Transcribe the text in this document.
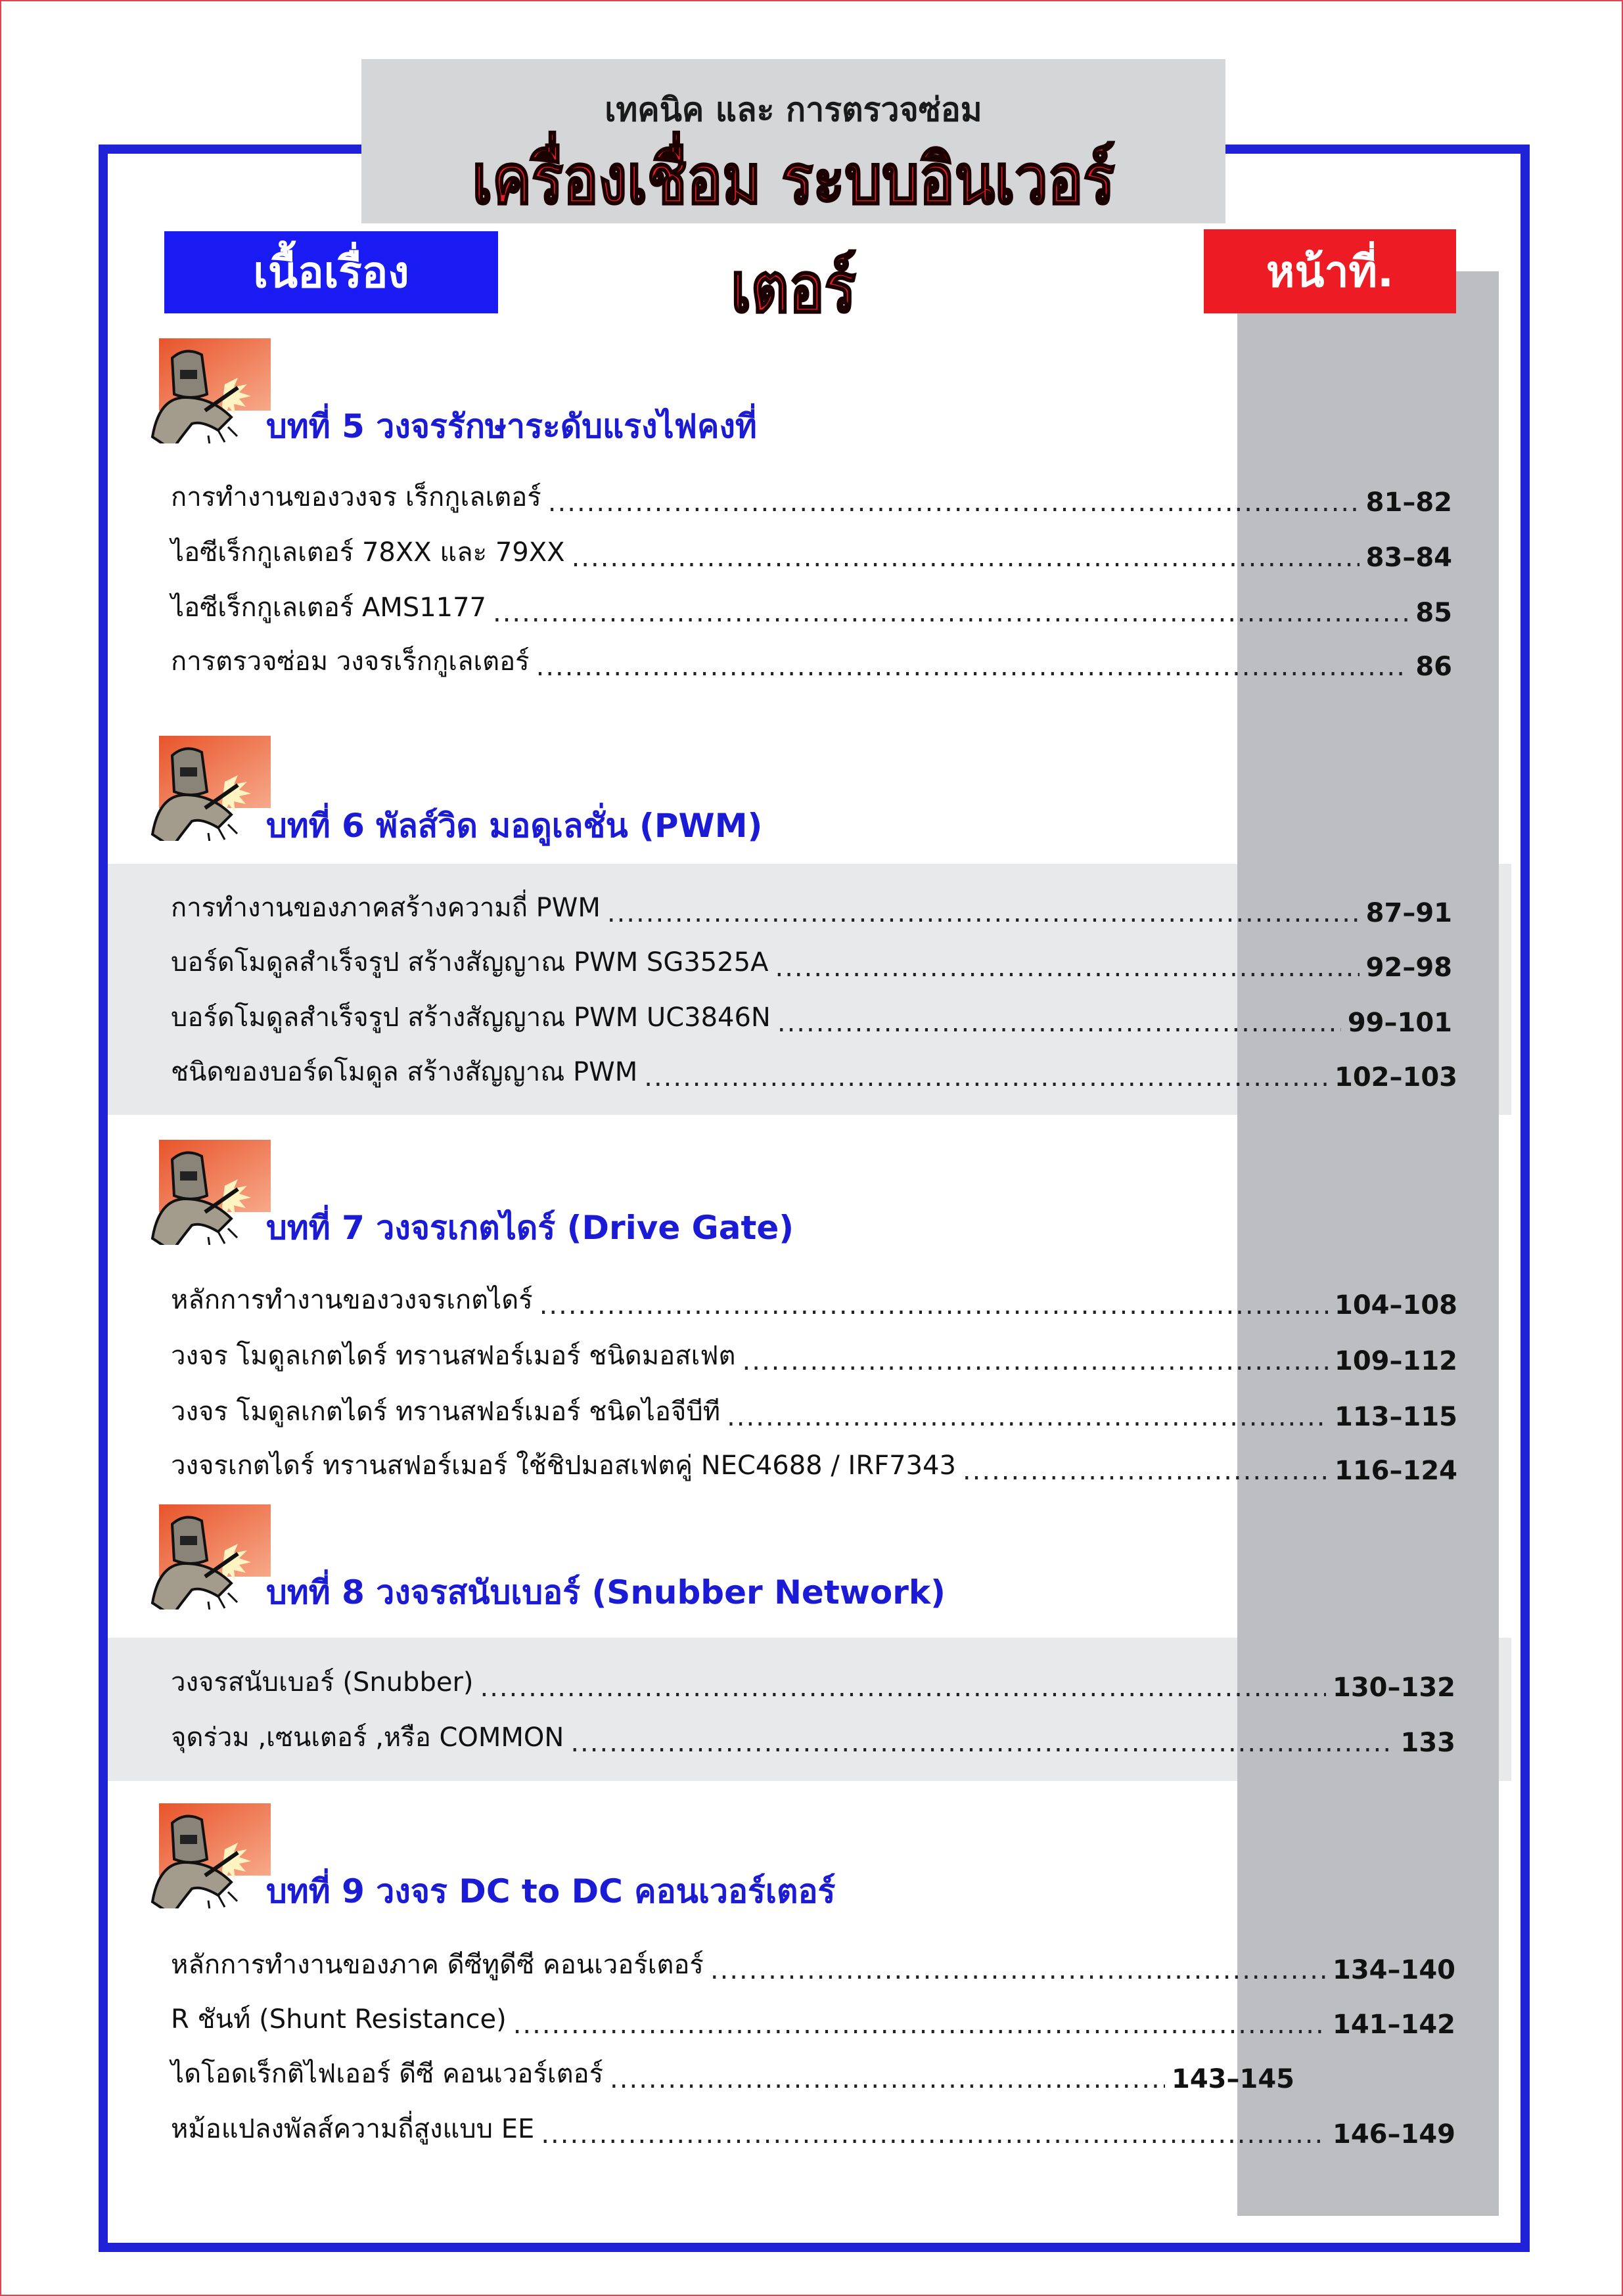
เทคนิค และ การตรวจซ่อม
เครื่องเชื่อม ระบบอินเวอร์เตอร์
เนื้อเรื่อง	หน้าที่.
บทที่ 5 วงจรรักษาระดับแรงไฟคงที่
การทำงานของวงจร เร็กกูเลเตอร์ .....	81–82
ไอซีเร็กกูเลเตอร์ 78XX และ 79XX .....	83–84
ไอซีเร็กกูเลเตอร์ AMS1177 .....	85
การตรวจซ่อม วงจรเร็กกูเลเตอร์ .....	86
บทที่ 6 พัลส์วิด มอดูเลชั่น (PWM)
การทำงานของภาคสร้างความถี่ PWM .....	87–91
บอร์ดโมดูลสำเร็จรูป สร้างสัญญาณ PWM SG3525A .....	92–98
บอร์ดโมดูลสำเร็จรูป สร้างสัญญาณ PWM UC3846N .....	99–101
ชนิดของบอร์ดโมดูล สร้างสัญญาณ PWM .....	102–103
บทที่ 7 วงจรเกตไดร์ (Drive Gate)
หลักการทำงานของวงจรเกตไดร์ .....	104–108
วงจร โมดูลเกตไดร์ ทรานสฟอร์เมอร์ ชนิดมอสเฟต .....	109–112
วงจร โมดูลเกตไดร์ ทรานสฟอร์เมอร์ ชนิดไอจีบีที .....	113–115
วงจรเกตไดร์ ทรานสฟอร์เมอร์ ใช้ชิปมอสเฟตคู่ NEC4688 / IRF7343 .....	116–124
บทที่ 8 วงจรสนับเบอร์ (Snubber Network)
วงจรสนับเบอร์ (Snubber) .....	130–132
จุดร่วม ,เซนเตอร์ ,หรือ COMMON .....	133
บทที่ 9 วงจร DC to DC คอนเวอร์เตอร์
หลักการทำงานของภาค ดีซีทูดีซี คอนเวอร์เตอร์ .....	134–140
R ชันท์ (Shunt Resistance) .....	141–142
ไดโอดเร็กติไฟเออร์ ดีซี คอนเวอร์เตอร์ .....	143–145
หม้อแปลงพัลส์ความถี่สูงแบบ EE .....	146–149
